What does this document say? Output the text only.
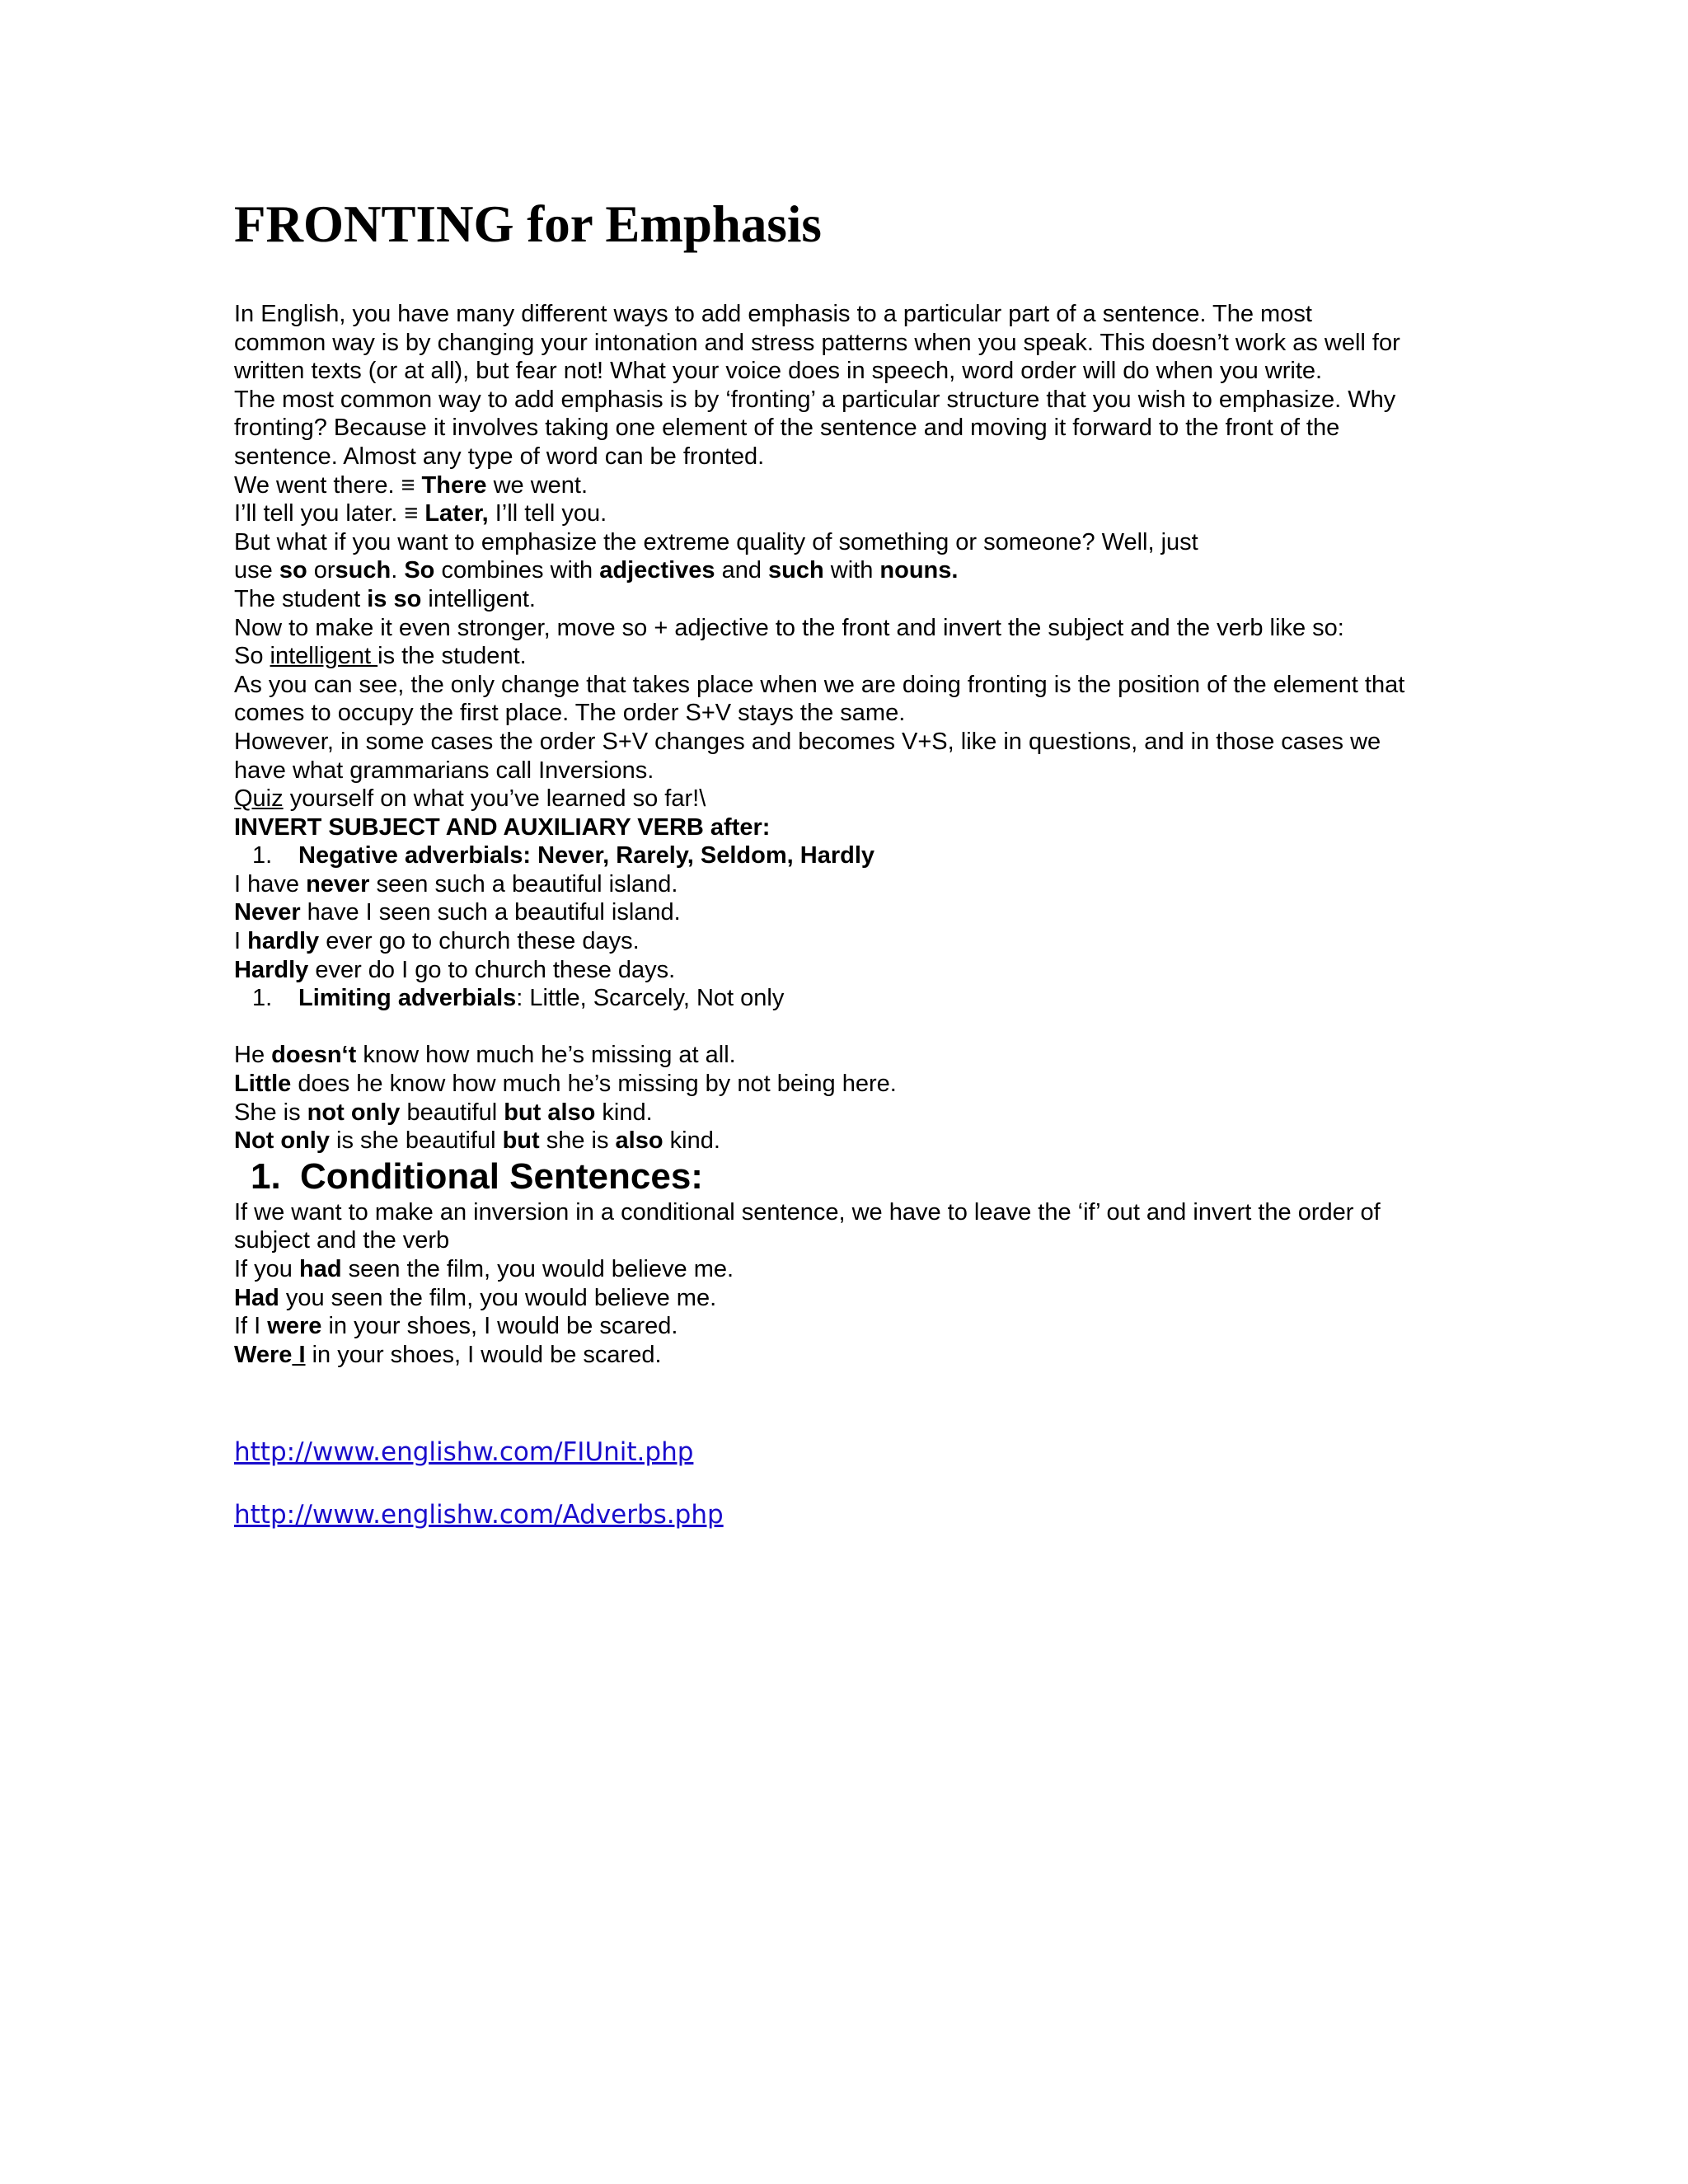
FRONTING for Emphasis

In English, you have many different ways to add emphasis to a particular part of a sentence. The most

common way is by changing your intonation and stress patterns when you speak. This doesn’t work as well for

written texts (or at all), but fear not! What your voice does in speech, word order will do when you write.

The most common way to add emphasis is by ‘fronting’ a particular structure that you wish to emphasize. Why

fronting? Because it involves taking one element of the sentence and moving it forward to the front of the

sentence. Almost any type of word can be fronted.

We went there. ≡ There we went.

I’ll tell you later. ≡ Later, I’ll tell you.

But what if you want to emphasize the extreme quality of something or someone? Well, just

use so orsuch. So combines with adjectives and such with nouns.

The student is so intelligent.

Now to make it even stronger, move so + adjective to the front and invert the subject and the verb like so:

So intelligent is the student.

As you can see, the only change that takes place when we are doing fronting is the position of the element that

comes to occupy the first place. The order S+V stays the same.

However, in some cases the order S+V changes and becomes V+S, like in questions, and in those cases we

have what grammarians call Inversions.

Quiz yourself on what you’ve learned so far!\

INVERT SUBJECT AND AUXILIARY VERB after:

1. Negative adverbials: Never, Rarely, Seldom, Hardly

I have never seen such a beautiful island.

Never have I seen such a beautiful island.

I hardly ever go to church these days.

Hardly ever do I go to church these days.

1. Limiting adverbials: Little, Scarcely, Not only

He doesn‘t know how much he’s missing at all.

Little does he know how much he’s missing by not being here.

She is not only beautiful but also kind.

Not only is she beautiful but she is also kind.

1. Conditional Sentences:

If we want to make an inversion in a conditional sentence, we have to leave the ‘if’ out and invert the order of

subject and the verb

If you had seen the film, you would believe me.

Had you seen the film, you would believe me.

If I were in your shoes, I would be scared.

Were I in your shoes, I would be scared.

http://www.englishw.com/FIUnit.php
http://www.englishw.com/Adverbs.php
